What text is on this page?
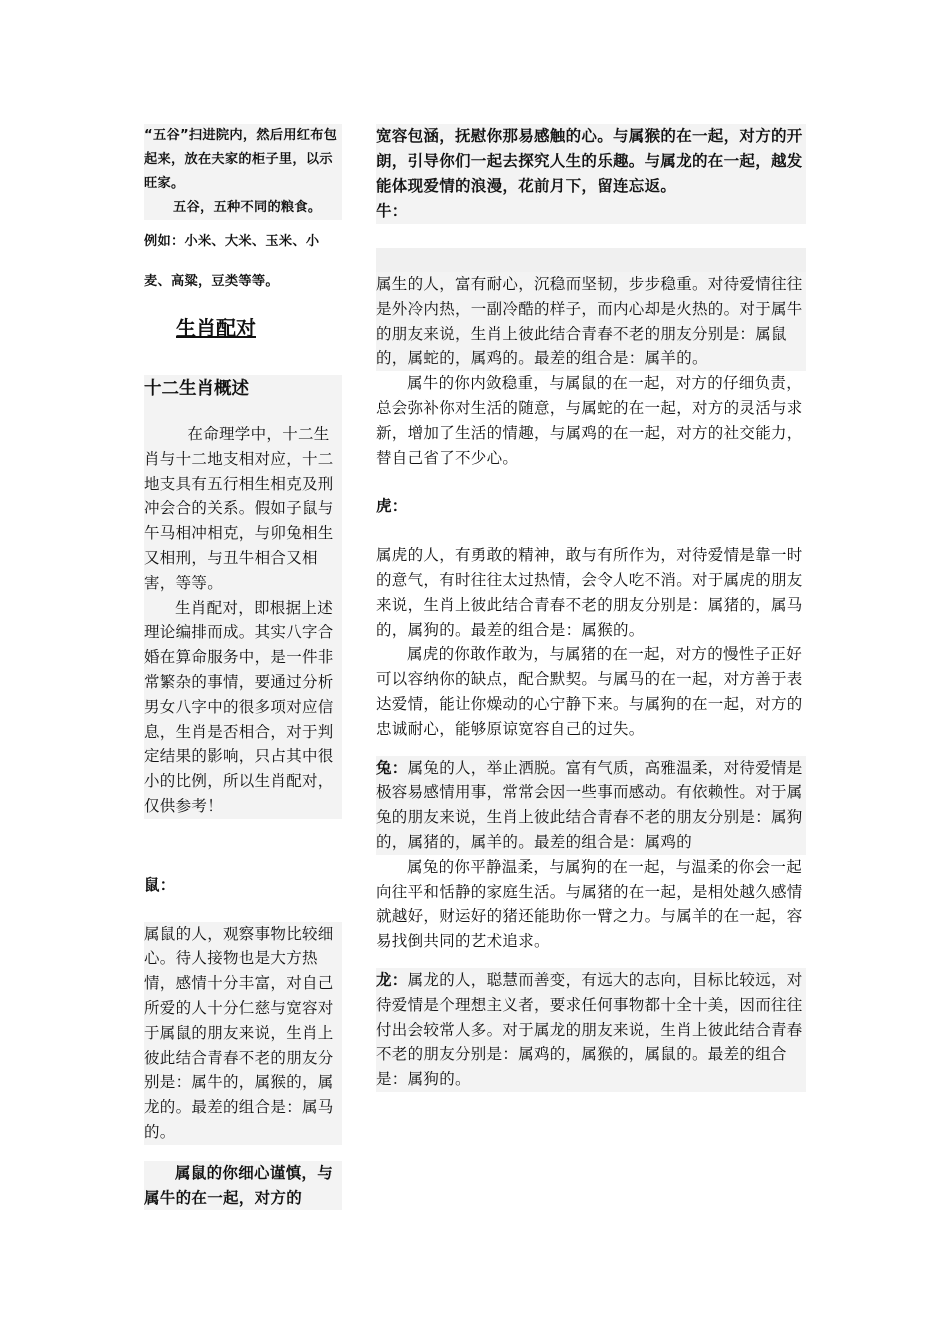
“五谷”扫进院内，然后用红布包起来，放在夫家的柜子里，以示旺家。

五谷，五种不同的粮食。

例如：小米、大米、玉米、小麦、高粱，豆类等等。

生肖配对

十二生肖概述

在命理学中，十二生肖与十二地支相对应，十二地支具有五行相生相克及刑冲会合的关系。假如子鼠与午马相冲相克，与卯兔相生又相刑，与丑牛相合又相害，等等。

生肖配对，即根据上述理论编排而成。其实八字合婚在算命服务中，是一件非常繁杂的事情，要通过分析男女八字中的很多项对应信息，生肖是否相合，对于判定结果的影响，只占其中很小的比例，所以生肖配对，仅供参考！

鼠：

属鼠的人，观察事物比较细心。待人接物也是大方热情，感情十分丰富，对自己所爱的人十分仁慈与宽容对于属鼠的朋友来说，生肖上彼此结合青春不老的朋友分别是：属牛的，属猴的，属龙的。最差的组合是：属马的。

属鼠的你细心谨慎，与属牛的在一起，对方的

宽容包涵，抚慰你那易感触的心。与属猴的在一起，对方的开朗，引导你们一起去探究人生的乐趣。与属龙的在一起，越发能体现爱情的浪漫，花前月下，留连忘返。

牛：

属生的人，富有耐心，沉稳而坚韧，步步稳重。对待爱情往往是外冷内热，一副冷酷的样子，而内心却是火热的。对于属牛的朋友来说，生肖上彼此结合青春不老的朋友分别是：属鼠的，属蛇的，属鸡的。最差的组合是：属羊的。

属牛的你内敛稳重，与属鼠的在一起，对方的仔细负责，总会弥补你对生活的随意，与属蛇的在一起，对方的灵活与求新，增加了生活的情趣，与属鸡的在一起，对方的社交能力，替自己省了不少心。

虎：

属虎的人，有勇敢的精神，敢与有所作为，对待爱情是靠一时的意气，有时往往太过热情，会令人吃不消。对于属虎的朋友来说，生肖上彼此结合青春不老的朋友分别是：属猪的，属马的，属狗的。最差的组合是：属猴的。

属虎的你敢作敢为，与属猪的在一起，对方的慢性子正好可以容纳你的缺点，配合默契。与属马的在一起，对方善于表达爱情，能让你燥动的心宁静下来。与属狗的在一起，对方的忠诚耐心，能够原谅宽容自己的过失。

兔：属兔的人，举止洒脱。富有气质，高雅温柔，对待爱情是极容易感情用事，常常会因一些事而感动。有依赖性。对于属兔的朋友来说，生肖上彼此结合青春不老的朋友分别是：属狗的，属猪的，属羊的。最差的组合是：属鸡的

属兔的你平静温柔，与属狗的在一起，与温柔的你会一起向往平和恬静的家庭生活。与属猪的在一起，是相处越久感情就越好，财运好的猪还能助你一臂之力。与属羊的在一起，容易找倒共同的艺术追求。

龙：属龙的人，聪慧而善变，有远大的志向，目标比较远，对待爱情是个理想主义者，要求任何事物都十全十美，因而往往付出会较常人多。对于属龙的朋友来说，生肖上彼此结合青春不老的朋友分别是：属鸡的，属猴的，属鼠的。最差的组合是：属狗的。
